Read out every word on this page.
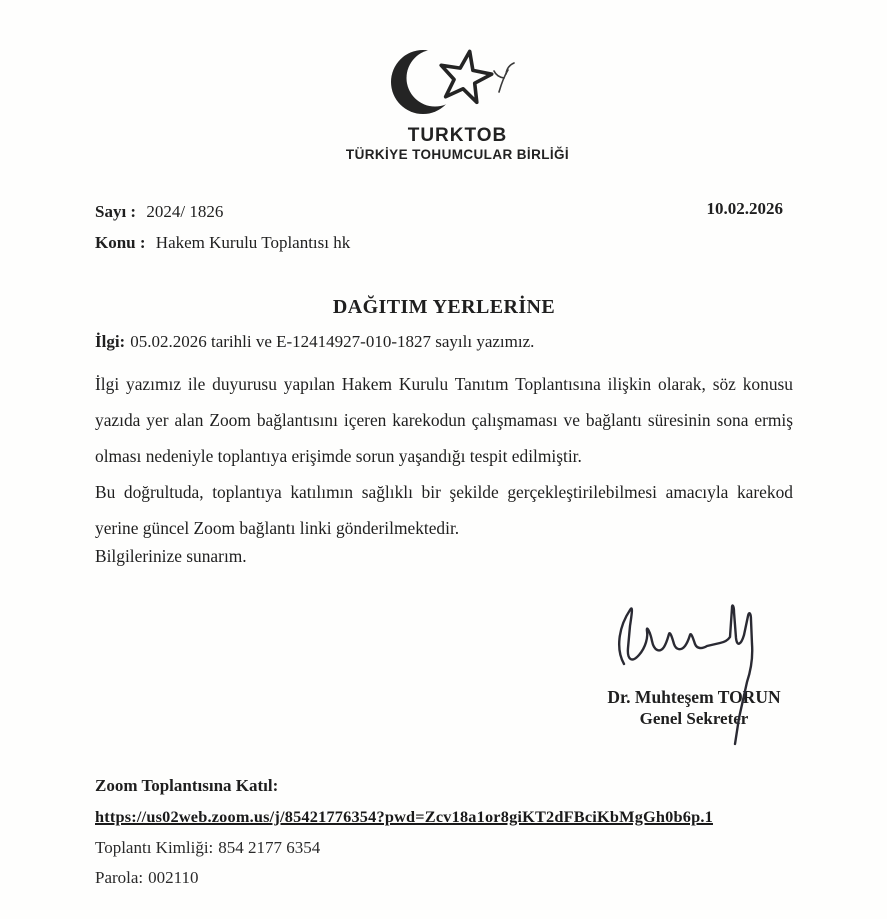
TURKTOB
TÜRKİYE TOHUMCULAR BİRLİĞİ
Sayı : 2024/ 1826
Konu : Hakem Kurulu Toplantısı hk
10.02.2026
DAĞITIM YERLERİNE
İlgi: 05.02.2026 tarihli ve E-12414927-010-1827 sayılı yazımız.
İlgi yazımız ile duyurusu yapılan Hakem Kurulu Tanıtım Toplantısına ilişkin olarak, söz konusu yazıda yer alan Zoom bağlantısını içeren karekodun çalışmaması ve bağlantı süresinin sona ermiş olması nedeniyle toplantıya erişimde sorun yaşandığı tespit edilmiştir.
Bu doğrultuda, toplantıya katılımın sağlıklı bir şekilde gerçekleştirilebilmesi amacıyla karekod yerine güncel Zoom bağlantı linki gönderilmektedir.
Bilgilerinize sunarım.
Dr. Muhteşem TORUN
Genel Sekreter
Zoom Toplantısına Katıl:
https://us02web.zoom.us/j/85421776354?pwd=Zcv18a1or8giKT2dFBciKbMgGh0b6p.1
Toplantı Kimliği: 854 2177 6354
Parola: 002110
